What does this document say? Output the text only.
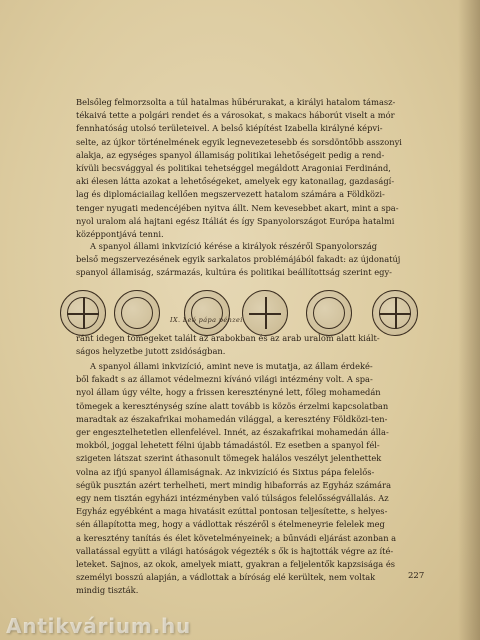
Belsőleg felmorzsolta a túl hatalmas hűbérurakat, a királyi hatalom támasz-
tékaivá tette a polgári rendet és a városokat, s makacs háborút viselt a mór
fennhatóság utolsó területeivel. A belső kiépítést Izabella királyné képvi-
selte, az újkor történelmének egyik legnevezetesebb és sorsdöntőbb asszonyi
alakja, az egységes spanyol államiság politikai lehetőségeit pedig a rend-
kívüli becsvággyal és politikai tehetséggel megáldott Aragoniai Ferdinánd,
aki élesen látta azokat a lehetőségeket, amelyek egy katonailag, gazdaságí-
lag és diplomáciailag kellően megszervezett hatalom számára a Földközi-
tenger nyugati medencéjében nyitva állt. Nem kevesebbet akart, mint a spa-
nyol uralom alá hajtani egész Itáliát és így Spanyolországot Európa hatalmi
középpontjává tenni.
A spanyol állami inkvizíció kérése a királyok részéről Spanyolország
belső megszervezésének egyik sarkalatos problémájából fakadt: az újdonatúj
spanyol államiság, származás, kultúra és politikai beállítottság szerint egy-
IX. Leó pápa pénzei.
ránt idegen tömegeket talált az arabokban és az arab uralom alatt kiált-
ságos helyzetbe jutott zsidóságban.
A spanyol állami inkvizíció, amint neve is mutatja, az állam érdeké-
ből fakadt s az államot védelmezni kívánó világi intézmény volt. A spa-
nyol állam úgy vélte, hogy a frissen keresztényné lett, főleg mohamedán
tömegek a kereszténység színe alatt tovább is közös érzelmi kapcsolatban
maradtak az északafrikai mohamedán világgal, a keresztény Földközi-ten-
ger engesztelhetetlen ellenfelével. Innét, az északafrikai mohamedán álla-
mokból, joggal lehetett félni újabb támadástól. Ez esetben a spanyol fél-
szigeten látszat szerint áthasonult tömegek halálos veszélyt jelenthettek
volna az ifjú spanyol államiságnak. Az inkvizíció és Sixtus pápa felelős-
ségük pusztán azért terhelheti, mert mindig hibaforrás az Egyház számára
egy nem tisztán egyházi intézményben való túlságos felelősségvállalás. Az
Egyház egyébként a maga hivatásit ezúttal pontosan teljesítette, s helyes-
sén állapította meg, hogy a vádlottak részéről s ételmeneyrie felelek meg
a keresztény tanítás és élet követelményeinek; a bűnvádi eljárást azonban a
vallatással együtt a világi hatóságok végezték s ők is hajtották végre az íté-
leteket. Sajnos, az okok, amelyek miatt, gyakran a feljelentők kapzsisága és
személyi bosszú alapján, a vádlottak a bíróság elé kerültek, nem voltak
mindig tiszták.
227
Antikvárium.hu
